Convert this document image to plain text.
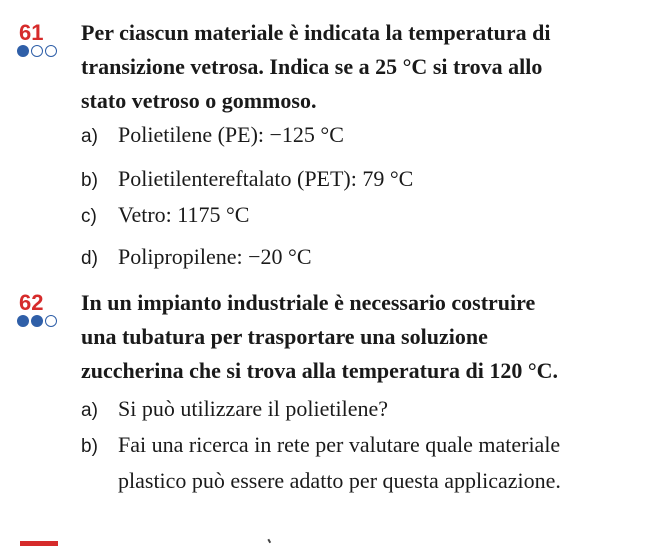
61 Per ciascun materiale è indicata la temperatura di
transizione vetrosa. Indica se a 25 °C si trova allo
stato vetroso o gommoso.
a) Polietilene (PE): −125 °C
b) Polietilentereftalato (PET): 79 °C
c) Vetro: 1175 °C
d) Polipropilene: −20 °C
62 In un impianto industriale è necessario costruire
una tubatura per trasportare una soluzione
zuccherina che si trova alla temperatura di 120 °C.
a) Si può utilizzare il polietilene?
b) Fai una ricerca in rete per valutare quale materiale
plastico può essere adatto per questa applicazione.
